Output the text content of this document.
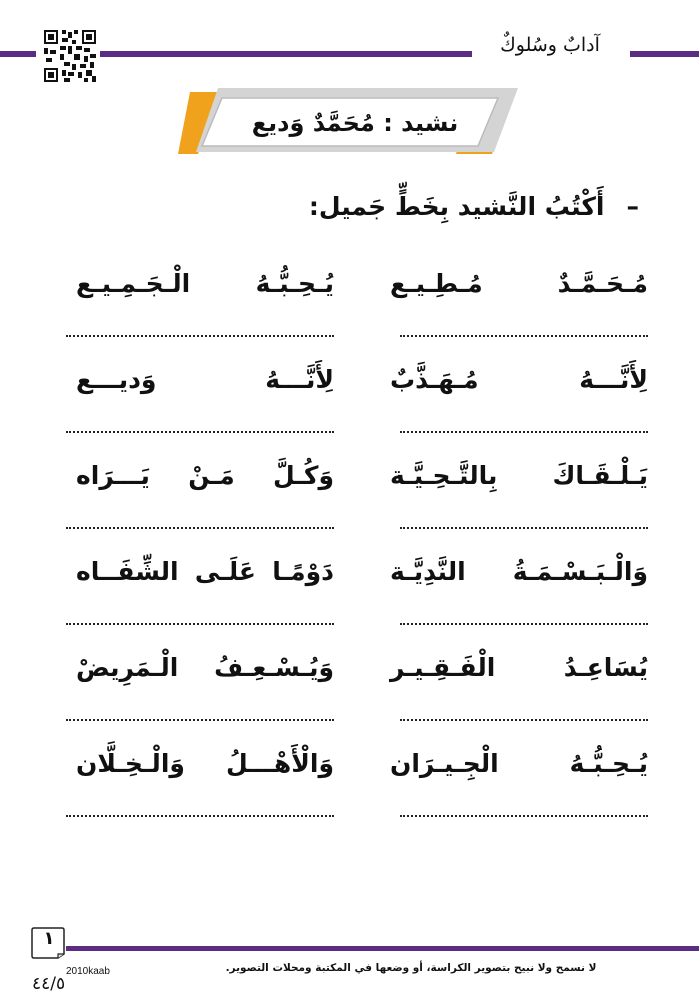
آدابٌ وسُلوكٌ
نشيد : مُحَمَّدٌ وَديع
–أَكْتُبُ النَّشيد بِخَطٍّ جَميل:
مُـحَـمَّـدٌ مُـطِـيـع
يُـحِـبُّـهُ الْـجَـمِـيـع
لِأَنَّـــهُ مُـهَـذَّبٌ
لِأَنَّـــهُ وَديـــع
يَـلْـقَـاكَ بِالتَّـحِـيَّـة
وَكُـلَّ مَـنْ يَـــرَاه
وَالْـبَـسْـمَـةُ النَّدِيَّـة
دَوْمًـا عَلَـى الشِّفَــاه
يُسَاعِـدُ الْفَـقِـيـر
وَيُـسْـعِـفُ الْـمَرِيضْ
يُـحِـبُّـهُ الْجِـيـرَان
وَالْأَهْـــلُ وَالْـخِـلَّان
١
2010kaab	لا نسمح ولا نبيح بتصوير الكراسة، أو وضعها في المكتبة ومحلات التصوير.
٤٤/٥
